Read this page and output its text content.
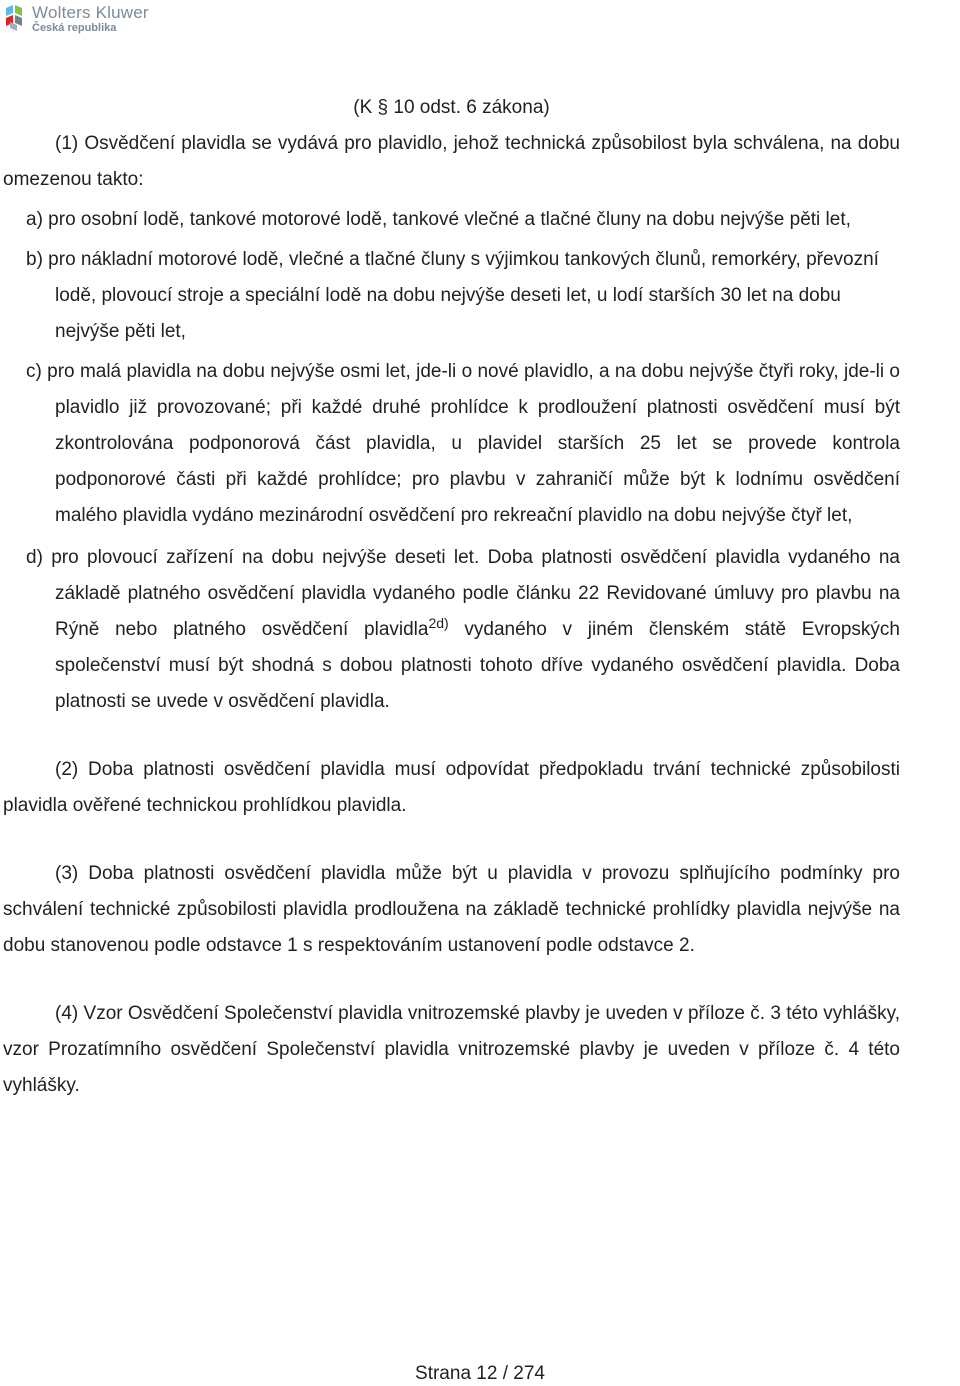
Wolters Kluwer
Česká republika

(K § 10 odst. 6 zákona)

(1) Osvědčení plavidla se vydává pro plavidlo, jehož technická způsobilost byla schválena, na dobu omezenou takto:

a) pro osobní lodě, tankové motorové lodě, tankové vlečné a tlačné čluny na dobu nejvýše pěti let,

b) pro nákladní motorové lodě, vlečné a tlačné čluny s výjimkou tankových člunů, remorkéry, převozní lodě, plovoucí stroje a speciální lodě na dobu nejvýše deseti let, u lodí starších 30 let na dobu nejvýše pěti let,

c) pro malá plavidla na dobu nejvýše osmi let, jde-li o nové plavidlo, a na dobu nejvýše čtyři roky, jde-li o plavidlo již provozované; při každé druhé prohlídce k prodloužení platnosti osvědčení musí být zkontrolována podponorová část plavidla, u plavidel starších 25 let se provede kontrola podponorové části při každé prohlídce; pro plavbu v zahraničí může být k lodnímu osvědčení malého plavidla vydáno mezinárodní osvědčení pro rekreační plavidlo na dobu nejvýše čtyř let,

d) pro plovoucí zařízení na dobu nejvýše deseti let. Doba platnosti osvědčení plavidla vydaného na základě platného osvědčení plavidla vydaného podle článku 22 Revidované úmluvy pro plavbu na Rýně nebo platného osvědčení plavidla$^{2d)}$ vydaného v jiném členském státě Evropských společenství musí být shodná s dobou platnosti tohoto dříve vydaného osvědčení plavidla. Doba platnosti se uvede v osvědčení plavidla.

(2) Doba platnosti osvědčení plavidla musí odpovídat předpokladu trvání technické způsobilosti plavidla ověřené technickou prohlídkou plavidla.

(3) Doba platnosti osvědčení plavidla může být u plavidla v provozu splňujícího podmínky pro schválení technické způsobilosti plavidla prodloužena na základě technické prohlídky plavidla nejvýše na dobu stanovenou podle odstavce 1 s respektováním ustanovení podle odstavce 2.

(4) Vzor Osvědčení Společenství plavidla vnitrozemské plavby je uveden v příloze č. 3 této vyhlášky, vzor Prozatímního osvědčení Společenství plavidla vnitrozemské plavby je uveden v příloze č. 4 této vyhlášky.

Strana 12 / 274
